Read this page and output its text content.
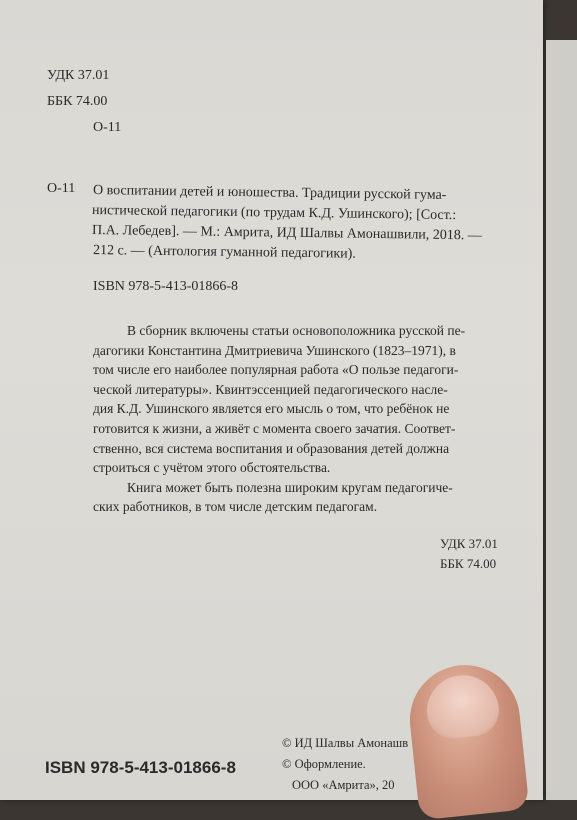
УДК 37.01
ББК 74.00
О-11
О-11 О воспитании детей и юношества. Традиции русской гума-
нистической педагогики (по трудам К.Д. Ушинского); [Сост.:
П.А. Лебедев]. — М.: Амрита, ИД Шалвы Амонашвили, 2018. —
212 с. — (Антология гуманной педагогики).
ISBN 978-5-413-01866-8
В сборник включены статьи основоположника русской пе-
дагогики Константина Дмитриевича Ушинского (1823–1971), в
том числе его наиболее популярная работа «О пользе педагоги-
ческой литературы». Квинтэссенцией педагогического насле-
дия К.Д. Ушинского является его мысль о том, что ребёнок не
готовится к жизни, а живёт с момента своего зачатия. Соответ-
ственно, вся система воспитания и образования детей должна
строиться с учётом этого обстоятельства.
Книга может быть полезна широким кругам педагогиче-
ских работников, в том числе детским педагогам.
УДК 37.01
ББК 74.00
ISBN 978-5-413-01866-8
© ИД Шалвы Амонашв
© Оформление.
ООО «Амрита», 20
